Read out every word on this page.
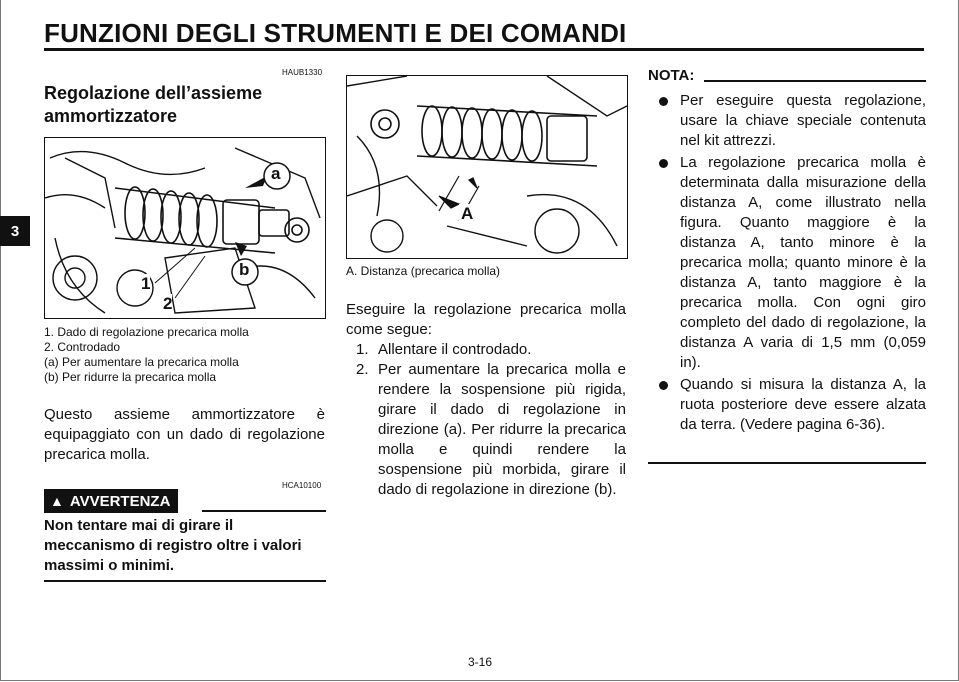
FUNZIONI DEGLI STRUMENTI E DEI COMANDI
3
HAUB1330
Regolazione dell’assieme ammortizzatore
a
b
1
2
1. Dado di regolazione precarica molla
2. Controdado
(a) Per aumentare la precarica molla
(b) Per ridurre la precarica molla
Questo assieme ammortizzatore è equipaggiato con un dado di regolazione precarica molla.
HCA10100
▲ AVVERTENZA
Non tentare mai di girare il meccanismo di registro oltre i valori massimi o minimi.
A
A. Distanza (precarica molla)
Eseguire la regolazione precarica molla come segue:
1. Allentare il controdado.
2. Per aumentare la precarica molla e rendere la sospensione più rigida, girare il dado di regolazione in direzione (a). Per ridurre la precarica molla e quindi rendere la sospensione più morbida, girare il dado di regolazione in direzione (b).
NOTA:
Per eseguire questa regolazione, usare la chiave speciale contenuta nel kit attrezzi.
La regolazione precarica molla è determinata dalla misurazione della distanza A, come illustrato nella figura. Quanto maggiore è la distanza A, tanto minore è la precarica molla; quanto minore è la distanza A, tanto maggiore è la precarica molla. Con ogni giro completo del dado di regolazione, la distanza A varia di 1,5 mm (0,059 in).
Quando si misura la distanza A, la ruota posteriore deve essere alzata da terra. (Vedere pagina 6-36).
3-16
